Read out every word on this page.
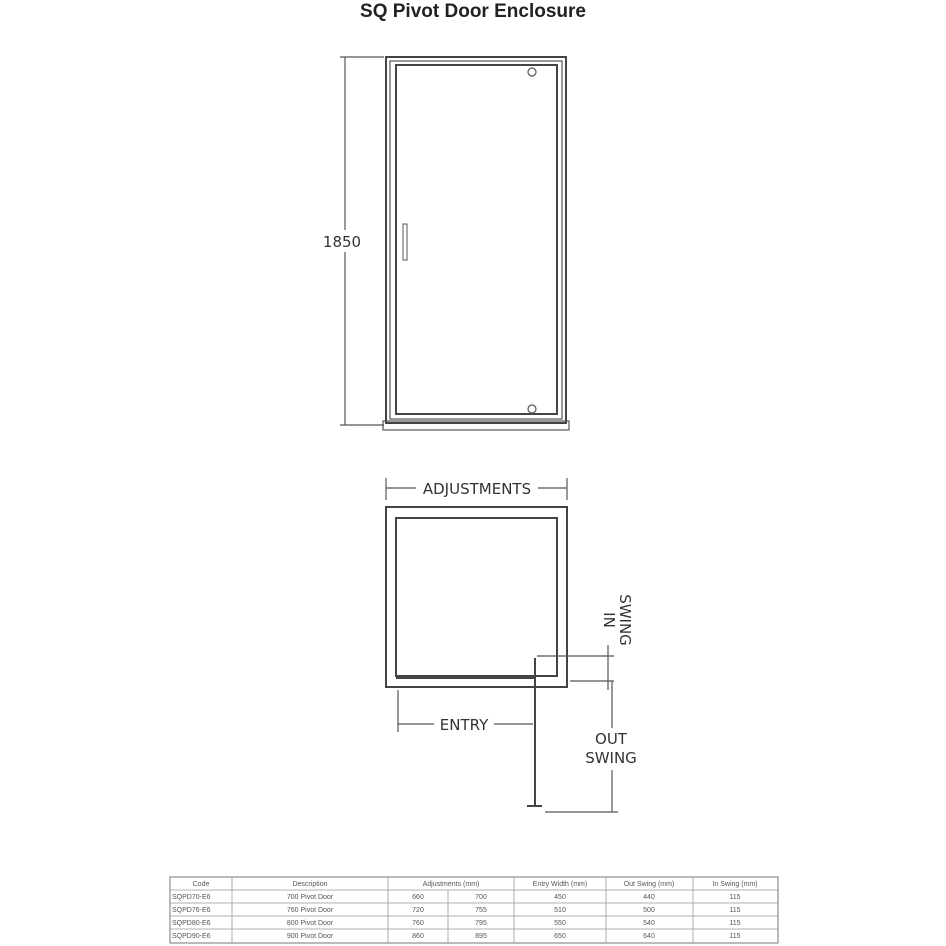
SQ Pivot Door Enclosure
1850
ADJUSTMENTS
IN
SWING
OUT
SWING
ENTRY
Code	Description	Adjustments (mm)	Entry Width (mm)	Out Swing (mm)	In Swing (mm)
SQPD70-E6	700 Pivot Door	660	700	450	440	115
SQPD76-E6	760 Pivot Door	720	755	510	500	115
SQPD80-E6	800 Pivot Door	760	795	550	540	115
SQPD90-E6	900 Pivot Door	860	895	650	640	115
